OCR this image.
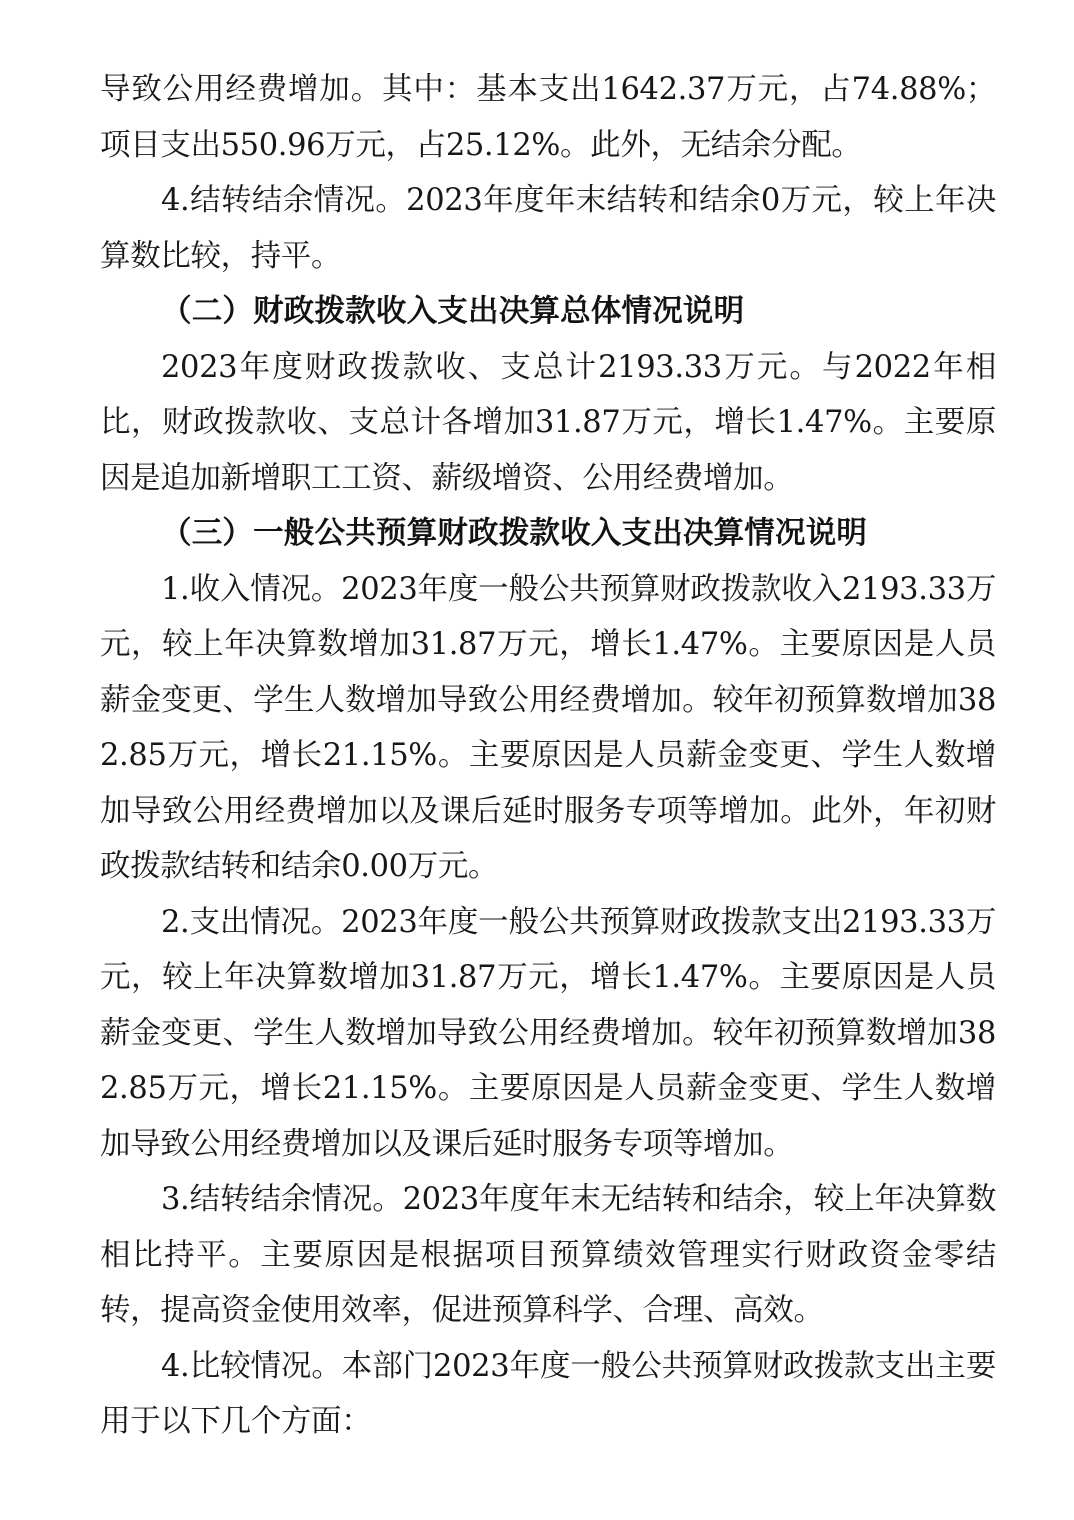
导致公用经费增加。其中：基本支出1642.37万元，占74.88%；项目支出550.96万元，占25.12%。此外，无结余分配。

4.结转结余情况。2023年度年末结转和结余0万元，较上年决算数比较，持平。

（二）财政拨款收入支出决算总体情况说明

2023年度财政拨款收、支总计2193.33万元。与2022年相比，财政拨款收、支总计各增加31.87万元，增长1.47%。主要原因是追加新增职工工资、薪级增资、公用经费增加。

（三）一般公共预算财政拨款收入支出决算情况说明

1.收入情况。2023年度一般公共预算财政拨款收入2193.33万元，较上年决算数增加31.87万元，增长1.47%。主要原因是人员薪金变更、学生人数增加导致公用经费增加。较年初预算数增加382.85万元，增长21.15%。主要原因是人员薪金变更、学生人数增加导致公用经费增加以及课后延时服务专项等增加。此外，年初财政拨款结转和结余0.00万元。

2.支出情况。2023年度一般公共预算财政拨款支出2193.33万元，较上年决算数增加31.87万元，增长1.47%。主要原因是人员薪金变更、学生人数增加导致公用经费增加。较年初预算数增加382.85万元，增长21.15%。主要原因是人员薪金变更、学生人数增加导致公用经费增加以及课后延时服务专项等增加。

3.结转结余情况。2023年度年末无结转和结余，较上年决算数相比持平。主要原因是根据项目预算绩效管理实行财政资金零结转，提高资金使用效率，促进预算科学、合理、高效。

4.比较情况。本部门2023年度一般公共预算财政拨款支出主要用于以下几个方面：
